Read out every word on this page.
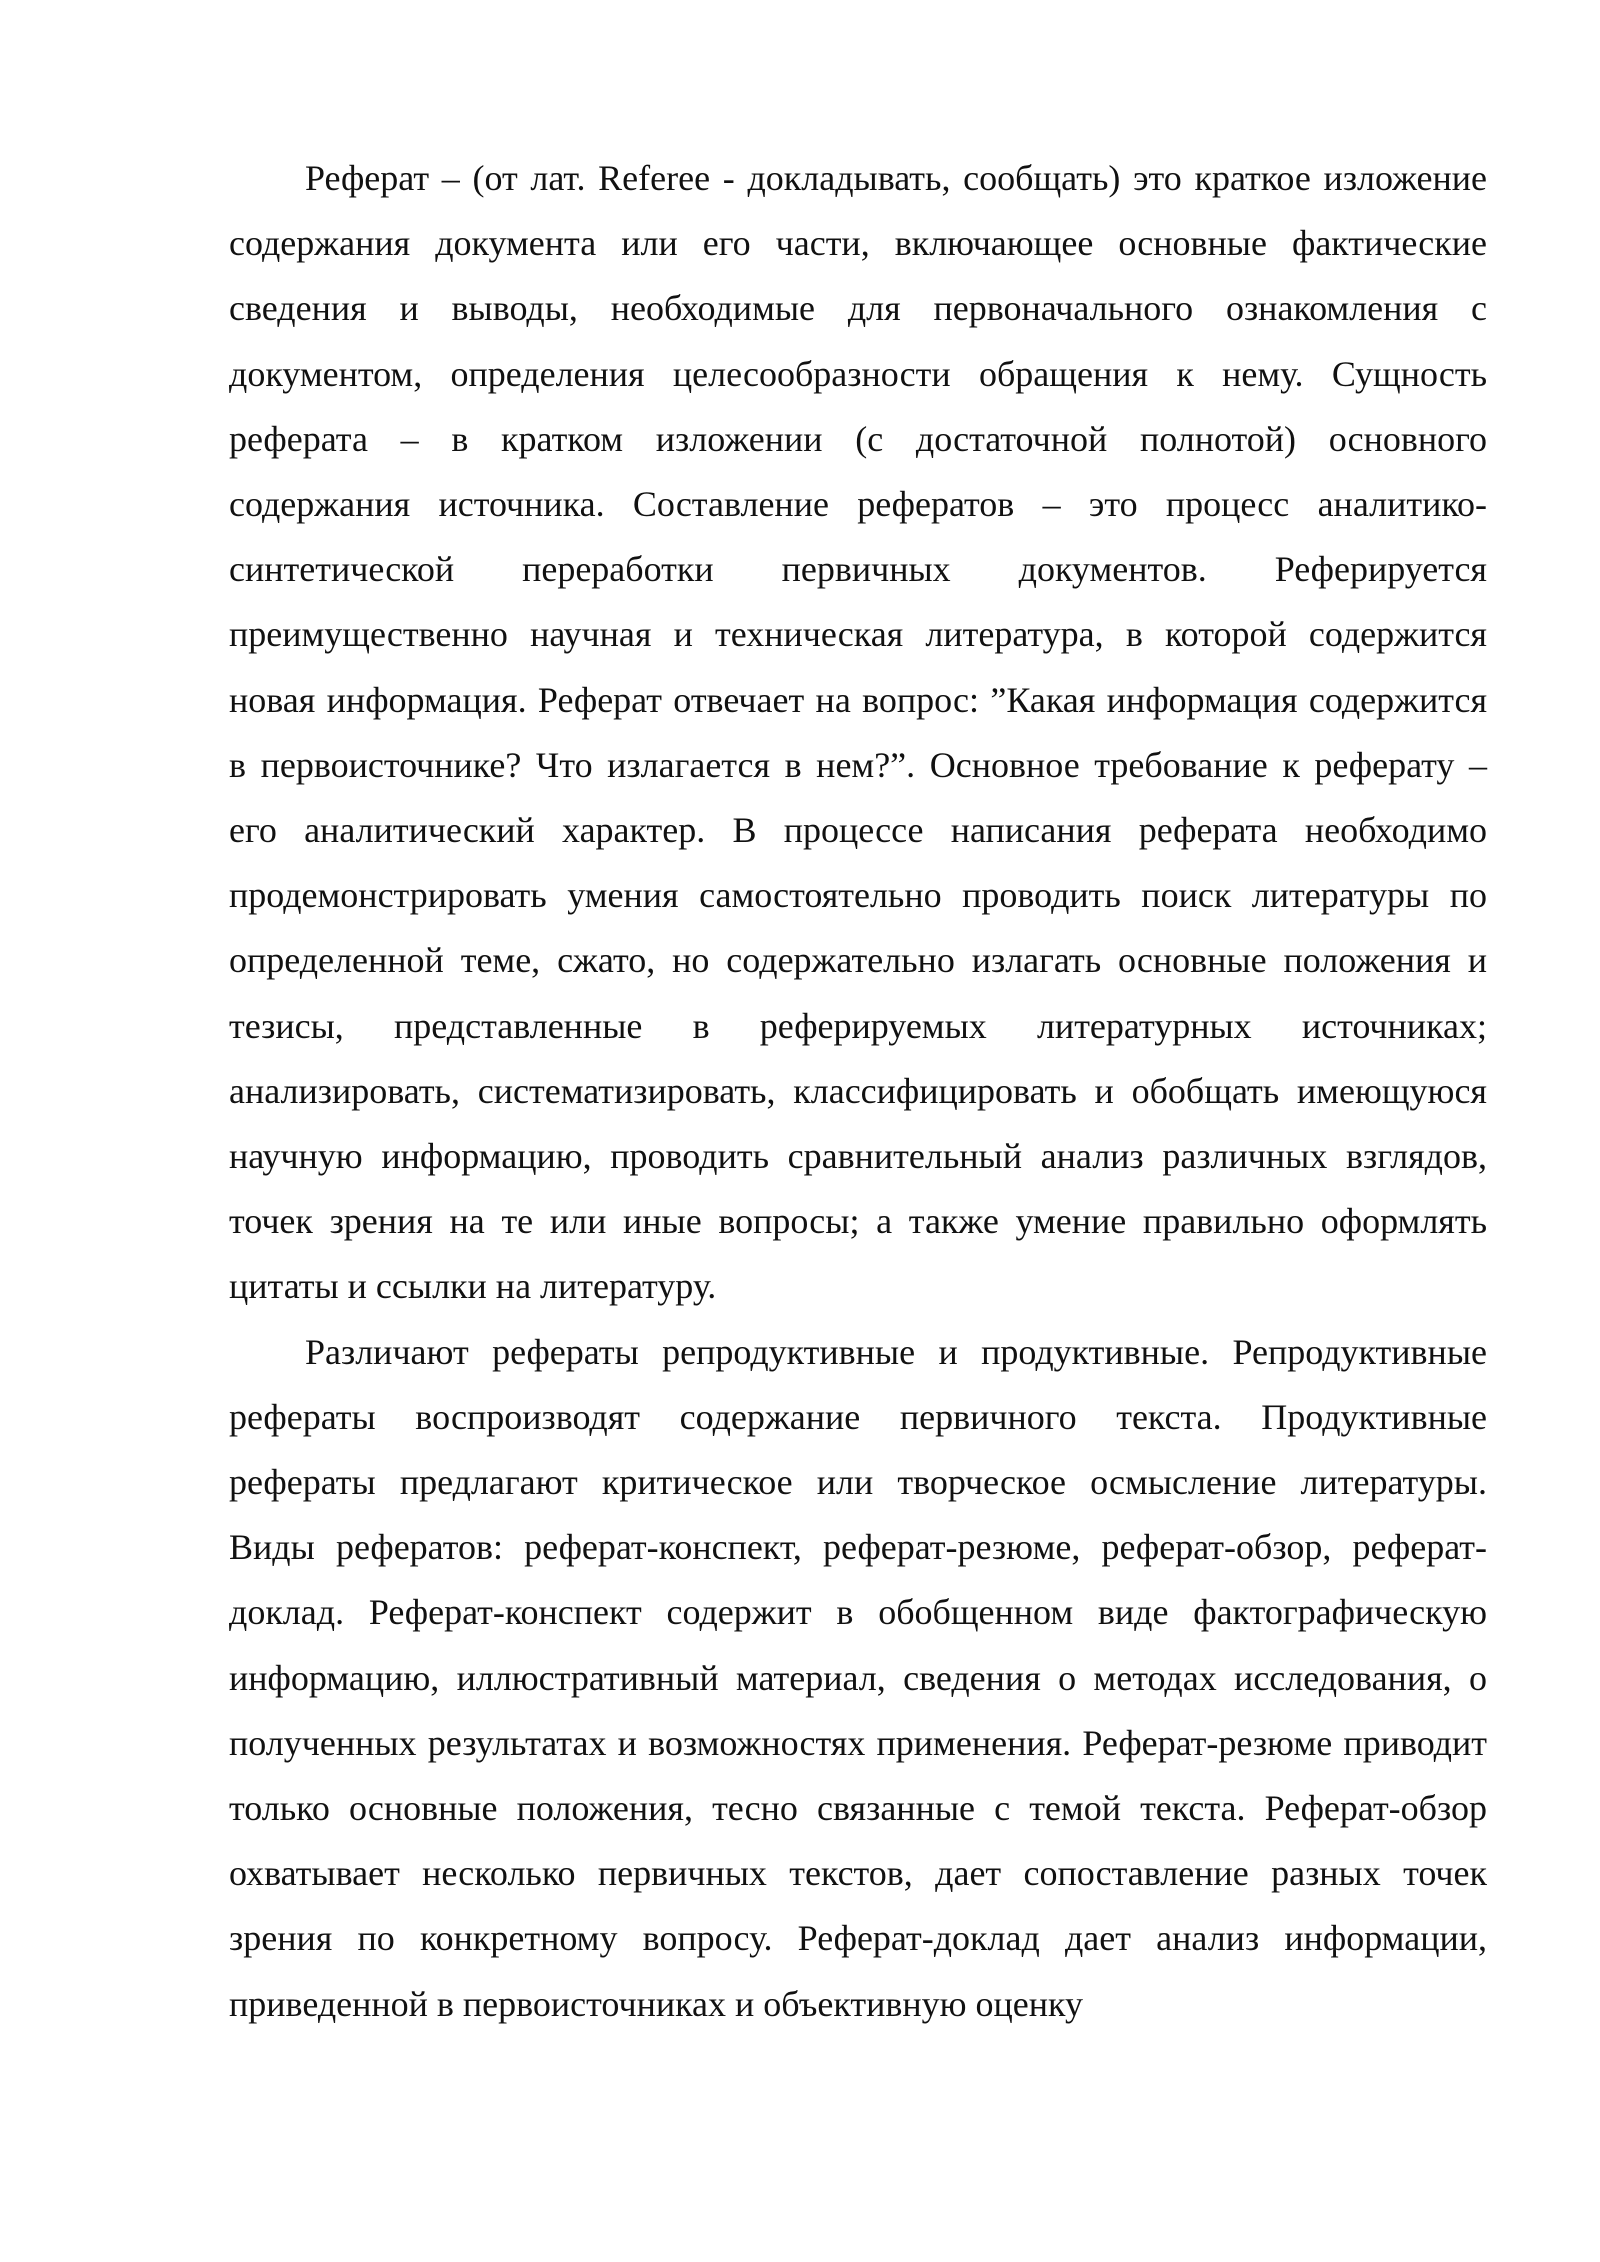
Реферат – (от лат. Referee - докладывать, сообщать) это краткое изложение содержания документа или его части, включающее основные фактические сведения и выводы, необходимые для первоначального ознакомления с документом, определения целесообразности обращения к нему. Сущность реферата – в кратком изложении (с достаточной полнотой) основного содержания источника. Составление рефератов – это процесс аналитико-синтетической переработки первичных документов. Реферируется преимущественно научная и техническая литература, в которой содержится новая информация. Реферат отвечает на вопрос: ”Какая информация содержится в первоисточнике? Что излагается в нем?”. Основное требование к реферату – его аналитический характер. В процессе написания реферата необходимо продемонстрировать умения самостоятельно проводить поиск литературы по определенной теме, сжато, но содержательно излагать основные положения и тезисы, представленные в реферируемых литературных источниках; анализировать, систематизировать, классифицировать и обобщать имеющуюся научную информацию, проводить сравнительный анализ различных взглядов, точек зрения на те или иные вопросы; а также умение правильно оформлять цитаты и ссылки на литературу.

Различают рефераты репродуктивные и продуктивные. Репродуктивные рефераты воспроизводят содержание первичного текста. Продуктивные рефераты предлагают критическое или творческое осмысление литературы. Виды рефератов: реферат-конспект, реферат-резюме, реферат-обзор, реферат-доклад. Реферат-конспект содержит в обобщенном виде фактографическую информацию, иллюстративный материал, сведения о методах исследования, о полученных результатах и возможностях применения. Реферат-резюме приводит только основные положения, тесно связанные с темой текста. Реферат-обзор охватывает несколько первичных текстов, дает сопоставление разных точек зрения по конкретному вопросу. Реферат-доклад дает анализ информации, приведенной в первоисточниках и объективную оценку
